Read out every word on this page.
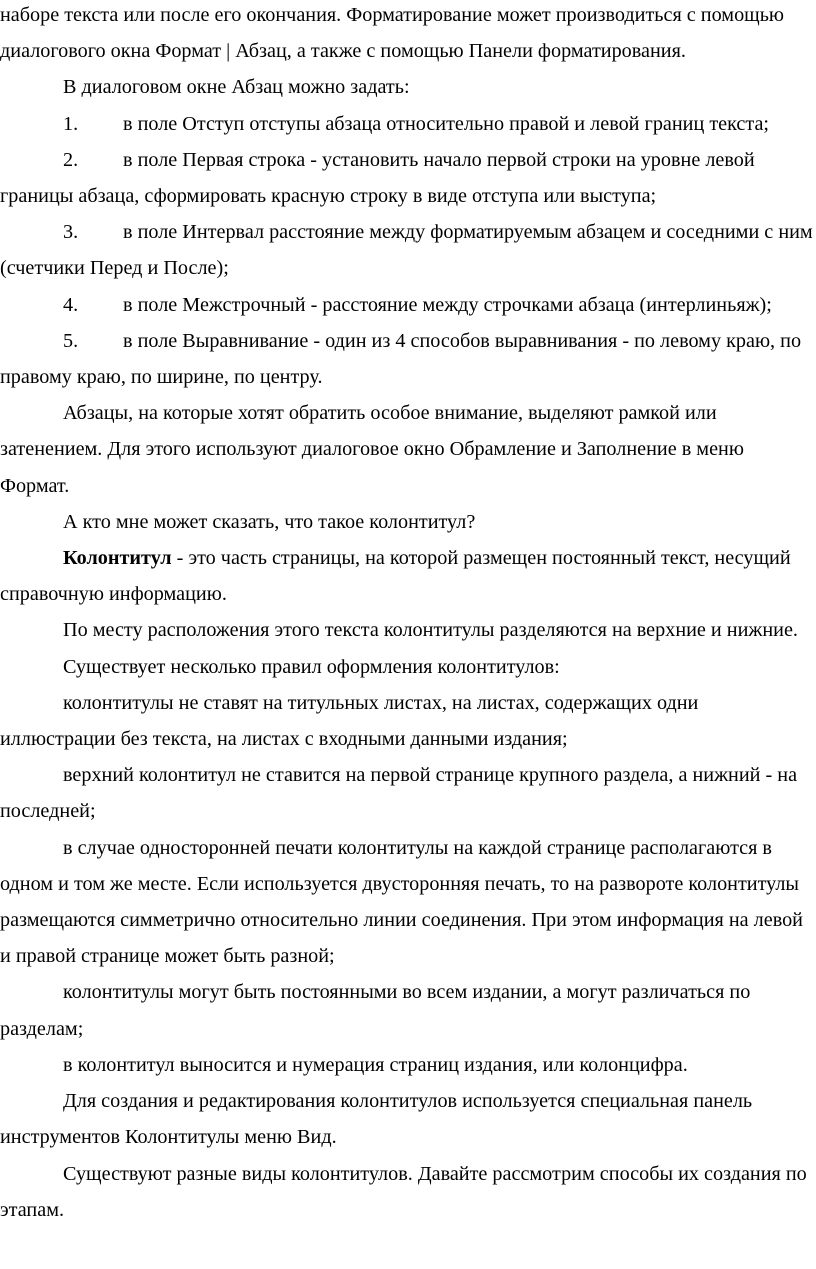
наборе текста или после его окончания. Форматирование может производиться с помощью диалогового окна Формат | Абзац, а также с помощью Панели форматирования.

В диалоговом окне Абзац можно задать:

1. в поле Отступ отступы абзаца относительно правой и левой границ текста;

2. в поле Первая строка - установить начало первой строки на уровне левой границы абзаца, сформировать красную строку в виде отступа или выступа;

3. в поле Интервал расстояние между форматируемым абзацем и соседними с ним (счетчики Перед и После);

4. в поле Межстрочный - расстояние между строчками абзаца (интерлиньяж);

5. в поле Выравнивание - один из 4 способов выравнивания - по левому краю, по правому краю, по ширине, по центру.

Абзацы, на которые хотят обратить особое внимание, выделяют рамкой или затенением. Для этого используют диалоговое окно Обрамление и Заполнение в меню Формат.

А кто мне может сказать, что такое колонтитул?

Колонтитул - это часть страницы, на которой размещен постоянный текст, несущий справочную информацию.

По месту расположения этого текста колонтитулы разделяются на верхние и нижние.

Существует несколько правил оформления колонтитулов:

колонтитулы не ставят на титульных листах, на листах, содержащих одни иллюстрации без текста, на листах с входными данными издания;

верхний колонтитул не ставится на первой странице крупного раздела, а нижний - на последней;

в случае односторонней печати колонтитулы на каждой странице располагаются в одном и том же месте. Если используется двусторонняя печать, то на развороте колонтитулы размещаются симметрично относительно линии соединения. При этом информация на левой и правой странице может быть разной;

колонтитулы могут быть постоянными во всем издании, а могут различаться по разделам;

в колонтитул выносится и нумерация страниц издания, или колонцифра.

Для создания и редактирования колонтитулов используется специальная панель инструментов Колонтитулы меню Вид.

Существуют разные виды колонтитулов. Давайте рассмотрим способы их создания по этапам.
